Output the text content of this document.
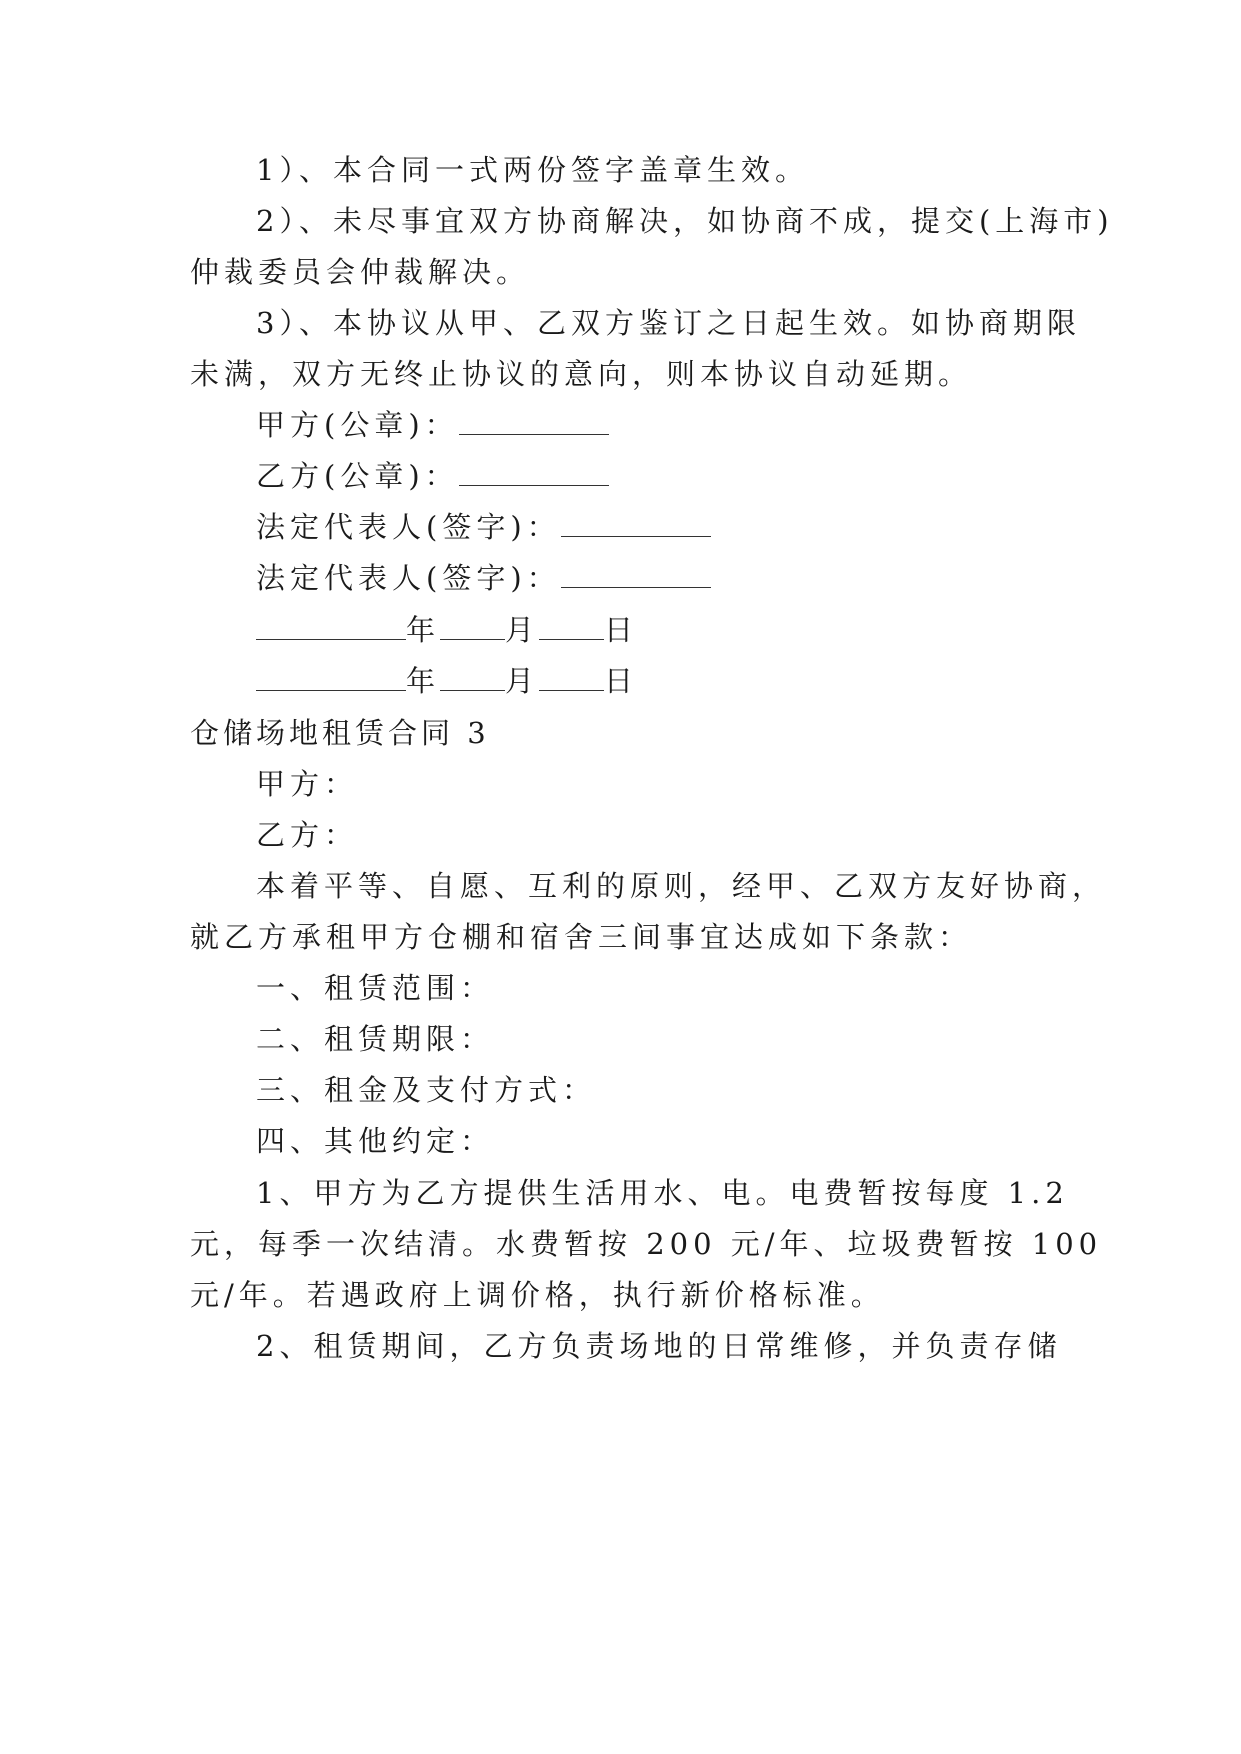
1）、本合同一式两份签字盖章生效。
2）、未尽事宜双方协商解决，如协商不成，提交(上海市)
仲裁委员会仲裁解决。
3）、本协议从甲、乙双方鉴订之日起生效。如协商期限
未满，双方无终止协议的意向，则本协议自动延期。
甲方(公章)：
乙方(公章)：
法定代表人(签字)：
法定代表人(签字)：
年 月 日
年 月 日
仓储场地租赁合同 3
甲方：
乙方：
本着平等、自愿、互利的原则，经甲、乙双方友好协商，
就乙方承租甲方仓棚和宿舍三间事宜达成如下条款：
一、租赁范围：
二、租赁期限：
三、租金及支付方式：
四、其他约定：
1、甲方为乙方提供生活用水、电。电费暂按每度 1.2
元，每季一次结清。水费暂按 200 元/年、垃圾费暂按 100
元/年。若遇政府上调价格，执行新价格标准。
2、租赁期间，乙方负责场地的日常维修，并负责存储
